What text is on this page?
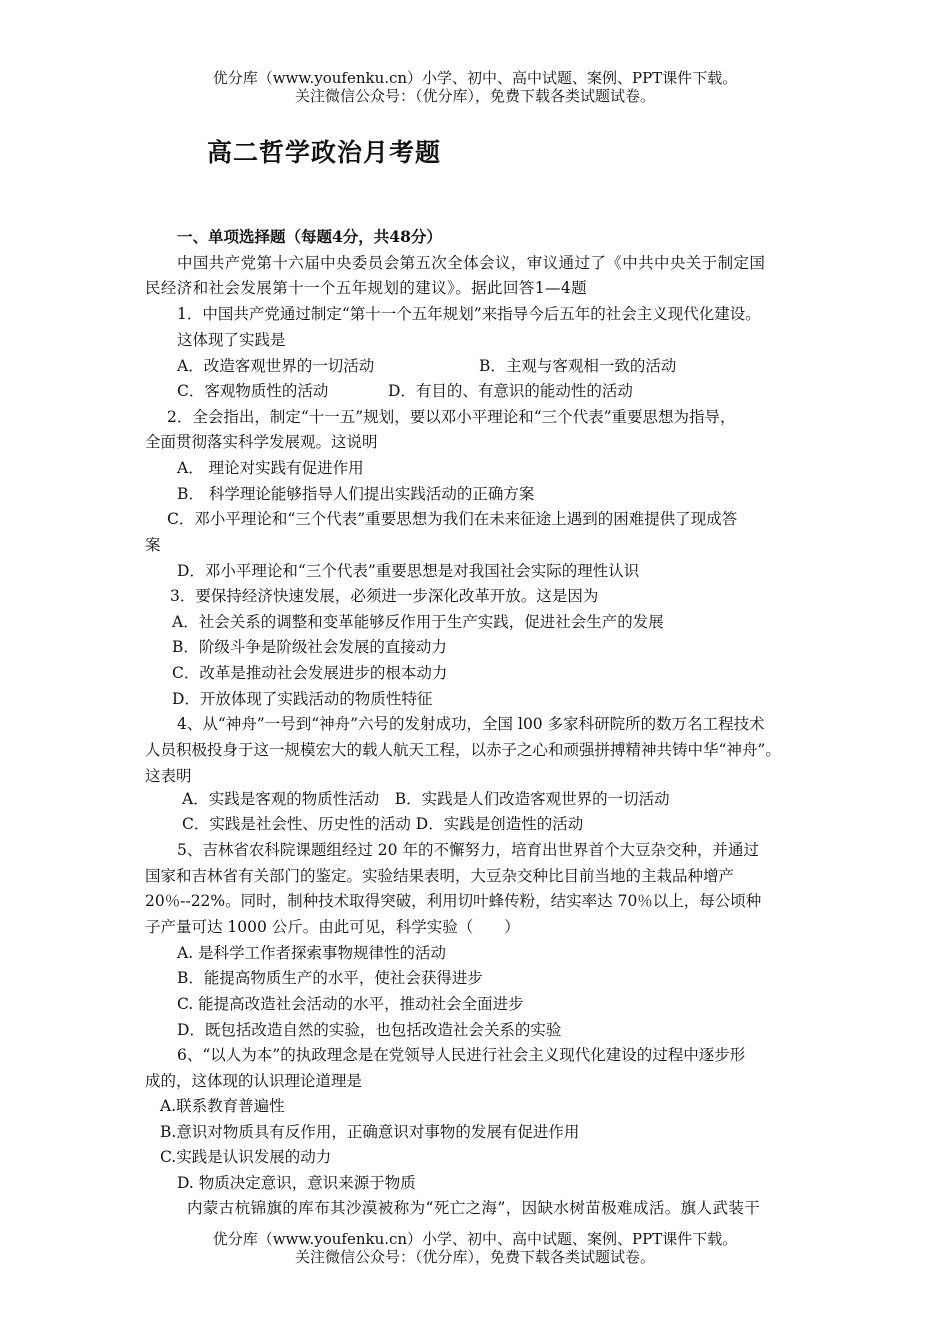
优分库（www.youfenku.cn）小学、初中、高中试题、案例、PPT课件下载。
关注微信公众号：（优分库），免费下载各类试题试卷。
高二哲学政治月考题
一、单项选择题（每题4分，共48分）
中国共产党第十六届中央委员会第五次全体会议，审议通过了《中共中央关于制定国
民经济和社会发展第十一个五年规划的建议》。据此回答1—4题
1．中国共产党通过制定“第十一个五年规划”来指导今后五年的社会主义现代化建设。
这体现了实践是
A．改造客观世界的一切活动	B．主观与客观相一致的活动
C．客观物质性的活动	D．有目的、有意识的能动性的活动
2．全会指出，制定“十一五”规划，要以邓小平理论和“三个代表”重要思想为指导，
全面贯彻落实科学发展观。这说明
A． 理论对实践有促进作用
B． 科学理论能够指导人们提出实践活动的正确方案
C．邓小平理论和“三个代表”重要思想为我们在未来征途上遇到的困难提供了现成答
案
D．邓小平理论和“三个代表”重要思想是对我国社会实际的理性认识
3．要保持经济快速发展，必须进一步深化改革开放。这是因为
A．社会关系的调整和变革能够反作用于生产实践，促进社会生产的发展
B．阶级斗争是阶级社会发展的直接动力
C．改革是推动社会发展进步的根本动力
D．开放体现了实践活动的物质性特征
4、从“神舟”一号到“神舟”六号的发射成功，全国 l00 多家科研院所的数万名工程技术
人员积极投身于这一规模宏大的载人航天工程，以赤子之心和顽强拼搏精神共铸中华“神舟”。
这表明
A．实践是客观的物质性活动　B．实践是人们改造客观世界的一切活动
C．实践是社会性、历史性的活动 D．实践是创造性的活动
5、吉林省农科院课题组经过 20 年的不懈努力，培育出世界首个大豆杂交种，并通过
国家和吉林省有关部门的鉴定。实验结果表明，大豆杂交种比目前当地的主栽品种增产
20％--22%。同时，制种技术取得突破，利用切叶蜂传粉，结实率达 70％以上，每公顷种
子产量可达 1000 公斤。由此可见，科学实验（　　）
A. 是科学工作者探索事物规律性的活动
B．能提高物质生产的水平，使社会获得进步
C. 能提高改造社会活动的水平，推动社会全面进步
D．既包括改造自然的实验，也包括改造社会关系的实验
6、“以人为本”的执政理念是在党领导人民进行社会主义现代化建设的过程中逐步形
成的，这体现的认识理论道理是
A.联系教育普遍性
B.意识对物质具有反作用，正确意识对事物的发展有促进作用
C.实践是认识发展的动力
D. 物质决定意识，意识来源于物质
内蒙古杭锦旗的库布其沙漠被称为“死亡之海”，因缺水树苗极难成活。旗人武装干
优分库（www.youfenku.cn）小学、初中、高中试题、案例、PPT课件下载。
关注微信公众号：（优分库），免费下载各类试题试卷。
